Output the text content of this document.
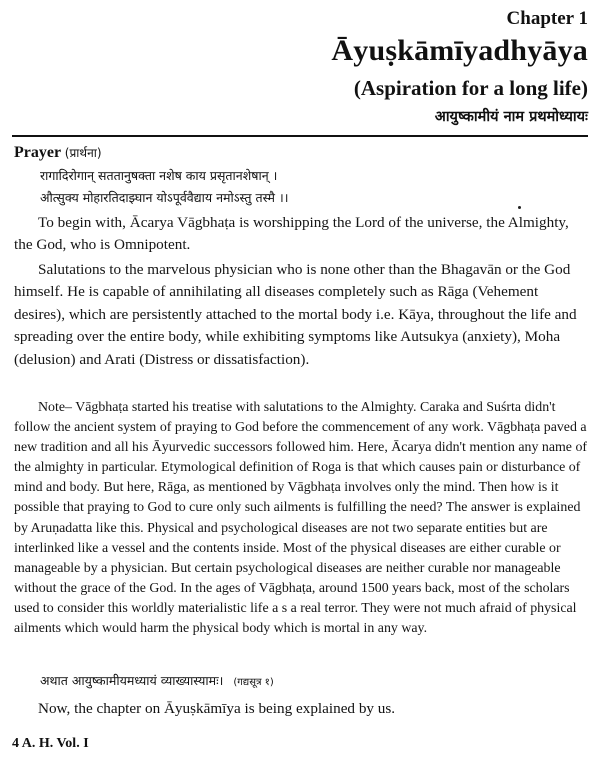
Chapter 1
Āyuṣkāmīyadhyāya
(Aspiration for a long life)
आयुष्कामीयं नाम प्रथमोध्यायः
Prayer (प्रार्थना)
रागादिरोगान् सततानुषक्ता नशेष काय प्रसृतानशेषान् ।
औत्सुक्य मोहारतिदाझ्घान योऽपूर्ववैद्याय नमोऽस्तु तस्मै ।।
To begin with, Ācarya Vāgbhaṭa is worshipping the Lord of the universe, the Almighty, the God, who is Omnipotent.
Salutations to the marvelous physician who is none other than the Bhagavān or the God himself. He is capable of annihilating all diseases completely such as Rāga (Vehement desires), which are persistently attached to the mortal body i.e. Kāya, throughout the life and spreading over the entire body, while exhibiting symptoms like Autsukya (anxiety), Moha (delusion) and Arati (Distress or dissatisfaction).
Note– Vāgbhaṭa started his treatise with salutations to the Almighty. Caraka and Suśrta didn't follow the ancient system of praying to God before the commencement of any work. Vāgbhaṭa paved a new tradition and all his Āyurvedic successors followed him. Here, Ācarya didn't mention any name of the almighty in particular. Etymological definition of Roga is that which causes pain or disturbance of mind and body. But here, Rāga, as mentioned by Vāgbhaṭa involves only the mind. Then how is it possible that praying to God to cure only such ailments is fulfilling the need? The answer is explained by Aruṇadatta like this. Physical and psychological diseases are not two separate entities but are interlinked like a vessel and the contents inside. Most of the physical diseases are either curable or manageable by a physician. But certain psychological diseases are neither curable nor manageable without the grace of the God. In the ages of Vāgbhaṭa, around 1500 years back, most of the scholars used to consider this worldly materialistic life a s a real terror. They were not much afraid of physical ailments which would harm the physical body which is mortal in any way.
अथात आयुष्कामीयमध्यायं व्याख्यास्यामः। (गद्यसूत्र १)
Now, the chapter on Āyuṣkāmīya is being explained by us.
4 A. H. Vol. I
